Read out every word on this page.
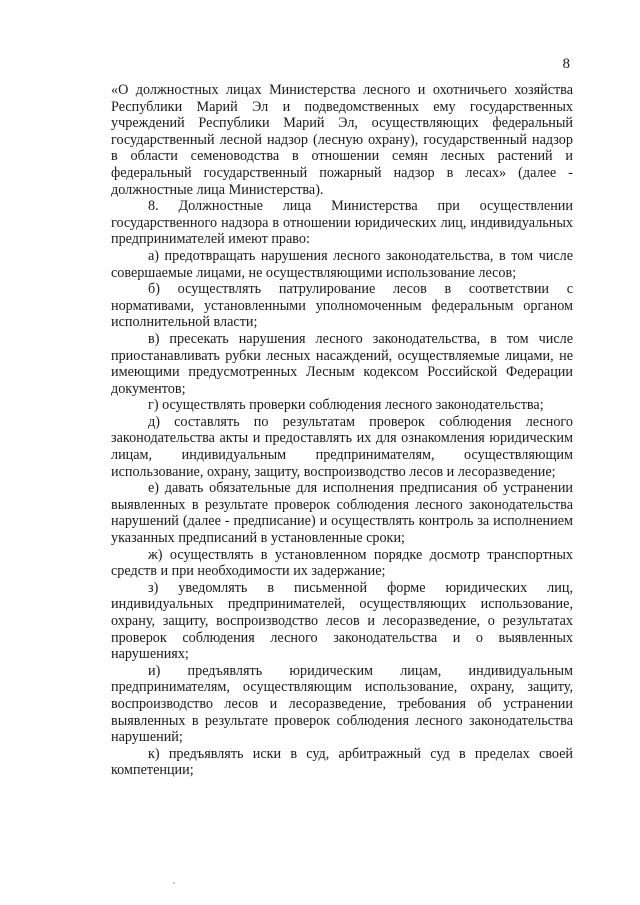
8

«О должностных лицах Министерства лесного и охотничьего хозяйства Республики Марий Эл и подведомственных ему государственных учреждений Республики Марий Эл, осуществляющих федеральный государственный лесной надзор (лесную охрану), государственный надзор в области семеноводства в отношении семян лесных растений и федеральный государственный пожарный надзор в лесах» (далее - должностные лица Министерства).

8. Должностные лица Министерства при осуществлении государственного надзора в отношении юридических лиц, индивидуальных предпринимателей имеют право:

а) предотвращать нарушения лесного законодательства, в том числе совершаемые лицами, не осуществляющими использование лесов;

б) осуществлять патрулирование лесов в соответствии с нормативами, установленными уполномоченным федеральным органом исполнительной власти;

в) пресекать нарушения лесного законодательства, в том числе приостанавливать рубки лесных насаждений, осуществляемые лицами, не имеющими предусмотренных Лесным кодексом Российской Федерации документов;

г) осуществлять проверки соблюдения лесного законодательства;

д) составлять по результатам проверок соблюдения лесного законодательства акты и предоставлять их для ознакомления юридическим лицам, индивидуальным предпринимателям, осуществляющим использование, охрану, защиту, воспроизводство лесов и лесоразведение;

е) давать обязательные для исполнения предписания об устранении выявленных в результате проверок соблюдения лесного законодательства нарушений (далее - предписание) и осуществлять контроль за исполнением указанных предписаний в установленные сроки;

ж) осуществлять в установленном порядке досмотр транспортных средств и при необходимости их задержание;

з) уведомлять в письменной форме юридических лиц, индивидуальных предпринимателей, осуществляющих использование, охрану, защиту, воспроизводство лесов и лесоразведение, о результатах проверок соблюдения лесного законодательства и о выявленных нарушениях;

и) предъявлять юридическим лицам, индивидуальным предпринимателям, осуществляющим использование, охрану, защиту, воспроизводство лесов и лесоразведение, требования об устранении выявленных в результате проверок соблюдения лесного законодательства нарушений;

к) предъявлять иски в суд, арбитражный суд в пределах своей компетенции;
